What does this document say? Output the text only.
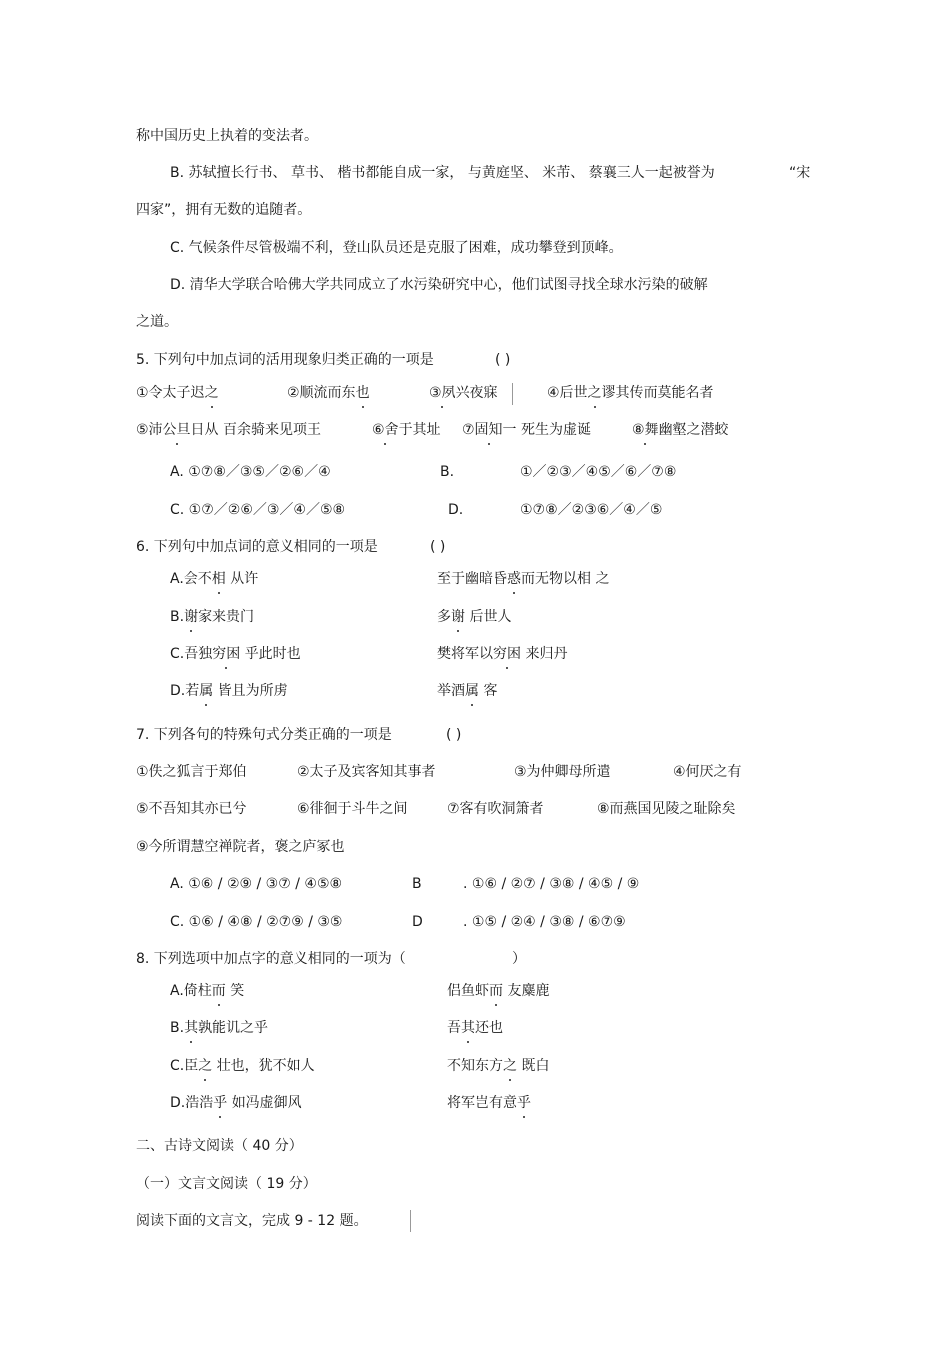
称中国历史上执着的变法者。
B. 苏轼擅长行书、 草书、 楷书都能自成一家， 与黄庭坚、 米芾、 蔡襄三人一起被誉为	“宋
四家”，拥有无数的追随者。
C. 气候条件尽管极端不利，登山队员还是克服了困难，成功攀登到顶峰。
D. 清华大学联合哈佛大学共同成立了水污染研究中心，他们试图寻找全球水污染的破解
之道。
5. 下列句中加点词的活用现象归类正确的一项是	( )
①令太子迟之	②顺流而东也	③夙兴夜寐	④后世之谬其传而莫能名者
⑤沛公旦日从 百余骑来见项王	⑥舍于其址 ⑦固知一 死生为虚诞	⑧舞幽壑之潜蛟
A. ①⑦⑧／③⑤／②⑥／④	B.	①／②③／④⑤／⑥／⑦⑧
C. ①⑦／②⑥／③／④／⑤⑧	D.	①⑦⑧／②③⑥／④／⑤
6. 下列句中加点词的意义相同的一项是	( )
A.会不相 从许	至于幽暗昏惑而无物以相 之
B.谢家来贵门	多谢 后世人
C.吾独穷困 乎此时也	樊将军以穷困 来归丹
D.若属 皆且为所虏	举酒属 客
7. 下列各句的特殊句式分类正确的一项是	( )
①佚之狐言于郑伯	②太子及宾客知其事者	③为仲卿母所遣	④何厌之有
⑤不吾知其亦已兮	⑥徘徊于斗牛之间	⑦客有吹洞箫者	⑧而燕国见陵之耻除矣
⑨今所谓慧空禅院者，褒之庐冢也
A. ①⑥ / ②⑨ / ③⑦ / ④⑤⑧	B	. ①⑥ / ②⑦ / ③⑧ / ④⑤ / ⑨
C. ①⑥ / ④⑧ / ②⑦⑨ / ③⑤	D	. ①⑤ / ②④ / ③⑧ / ⑥⑦⑨
8. 下列选项中加点字的意义相同的一项为（	）
A.倚柱而 笑	侣鱼虾而 友麋鹿
B.其孰能讥之乎	吾其还也
C.臣之 壮也，犹不如人	不知东方之 既白
D.浩浩乎 如冯虚御风	将军岂有意乎
二、古诗文阅读（ 40 分）
（一）文言文阅读（ 19 分）
阅读下面的文言文，完成 9 - 12 题。
